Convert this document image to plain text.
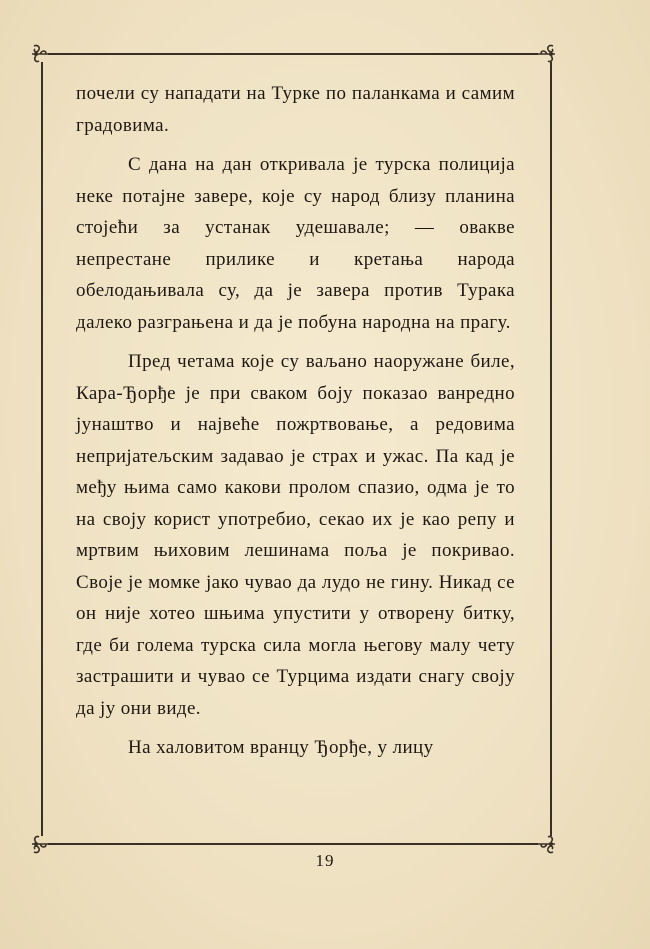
почели су нападати на Турке по паланкама и самим градовима.

С дана на дан откривала је турска полиција неке потајне завере, које су народ близу планина стојећи за устанак удешавале; — овакве непрестане прилике и кретања народа обелодањивала су, да је завера против Турака далеко разграњена и да је побуна народна на прагу.

Пред четама које су ваљано наоружане биле, Кара-Ђорђе је при сваком боју показао ванредно јунаштво и највеће пожртвовање, а редовима непријатељским задавао је страх и ужас. Па кад је међу њима само какови пролом спазио, одма је то на своју корист употребио, секао их је као репу и мртвим њиховим лешинама поља је покривао. Своје је момке јако чувао да лудо не гину. Никад се он није хотео шњима упустити у отворену битку, где би голема турска сила могла његову малу чету застрашити и чувао се Турцима издати снагу своју да ју они виде.

На халовитом вранцу Ђорђе, у лицу

19
